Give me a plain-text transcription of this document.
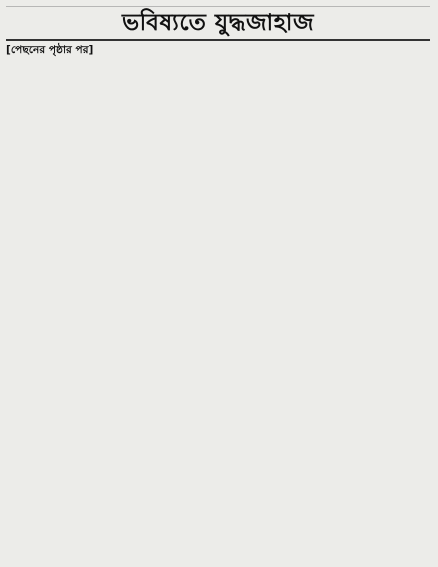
ভবিষ্যতে যুদ্ধজাহাজ

[পেছনের পৃষ্ঠার পর]
